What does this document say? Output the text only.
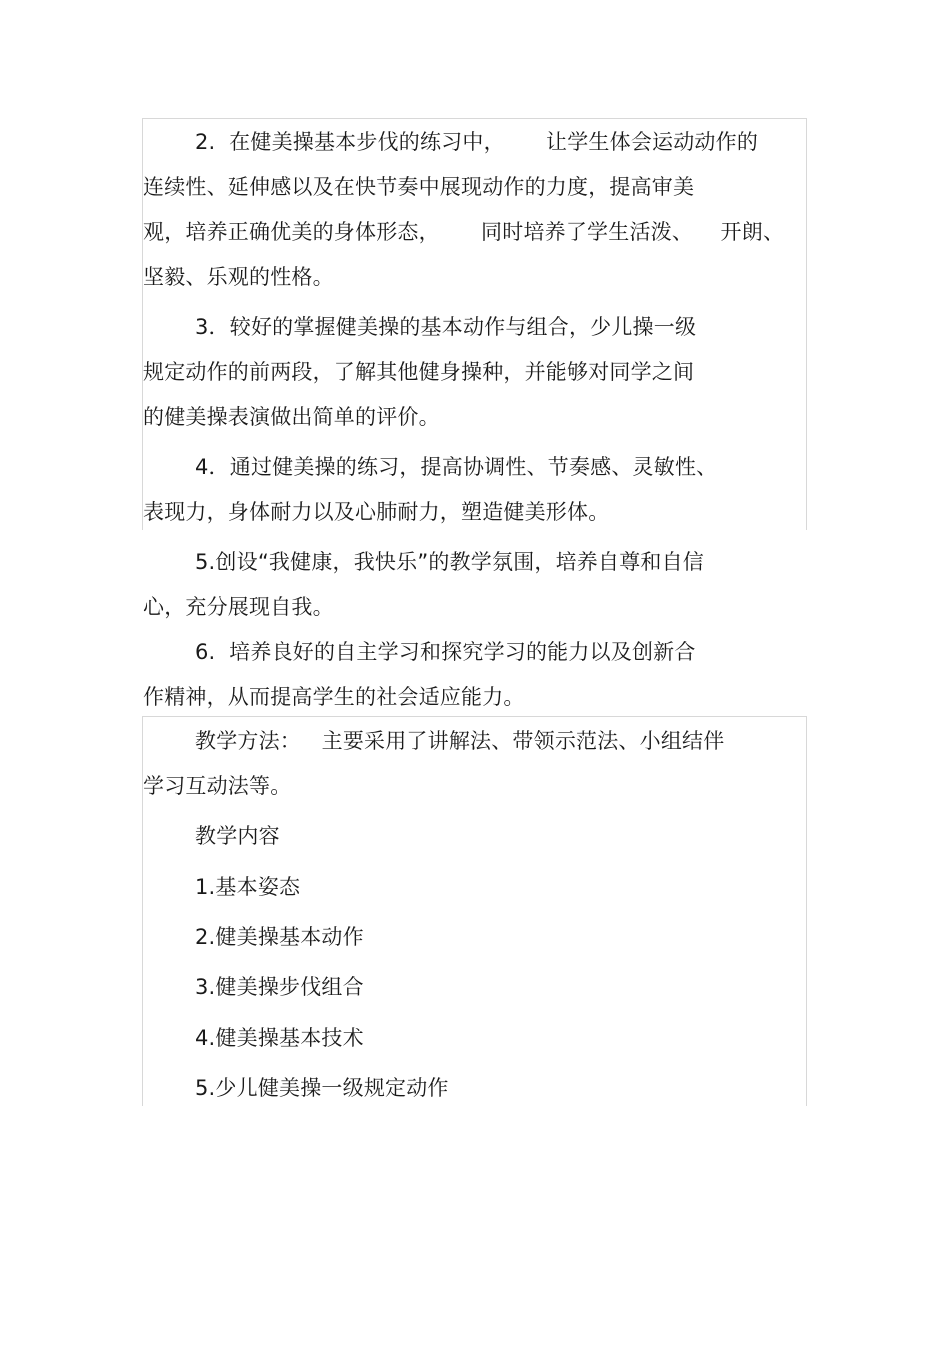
2.  在健美操基本步伐的练习中，      让学生体会运动动作的
连续性、延伸感以及在快节奏中展现动作的力度，提高审美
观，培养正确优美的身体形态，      同时培养了学生活泼、    开朗、
坚毅、乐观的性格。
3．较好的掌握健美操的基本动作与组合，少儿操一级
规定动作的前两段，了解其他健身操种，并能够对同学之间
的健美操表演做出简单的评价。
4．通过健美操的练习，提高协调性、节奏感、灵敏性、
表现力，身体耐力以及心肺耐力，塑造健美形体。
5.创设“我健康，我快乐”的教学氛围，培养自尊和自信
心，充分展现自我。
6.  培养良好的自主学习和探究学习的能力以及创新合
作精神，从而提高学生的社会适应能力。
教学方法：   主要采用了讲解法、带领示范法、小组结伴
学习互动法等。
教学内容
1.基本姿态
2.健美操基本动作
3.健美操步伐组合
4.健美操基本技术
5.少儿健美操一级规定动作
